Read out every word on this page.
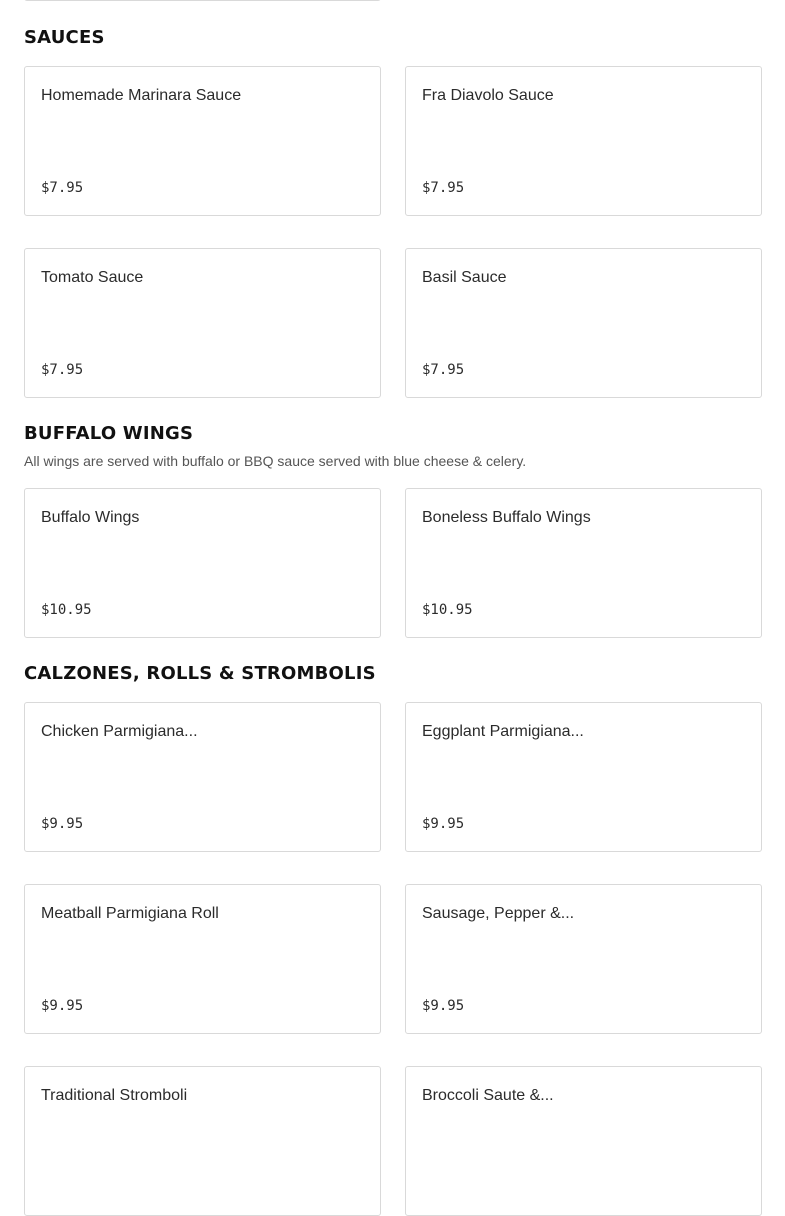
SAUCES
Homemade Marinara Sauce
$7.95
Fra Diavolo Sauce
$7.95
Tomato Sauce
$7.95
Basil Sauce
$7.95
BUFFALO WINGS
All wings are served with buffalo or BBQ sauce served with blue cheese & celery.
Buffalo Wings
$10.95
Boneless Buffalo Wings
$10.95
CALZONES, ROLLS & STROMBOLIS
Chicken Parmigiana...
$9.95
Eggplant Parmigiana...
$9.95
Meatball Parmigiana Roll
$9.95
Sausage, Pepper &...
$9.95
Traditional Stromboli	Broccoli Saute &...
